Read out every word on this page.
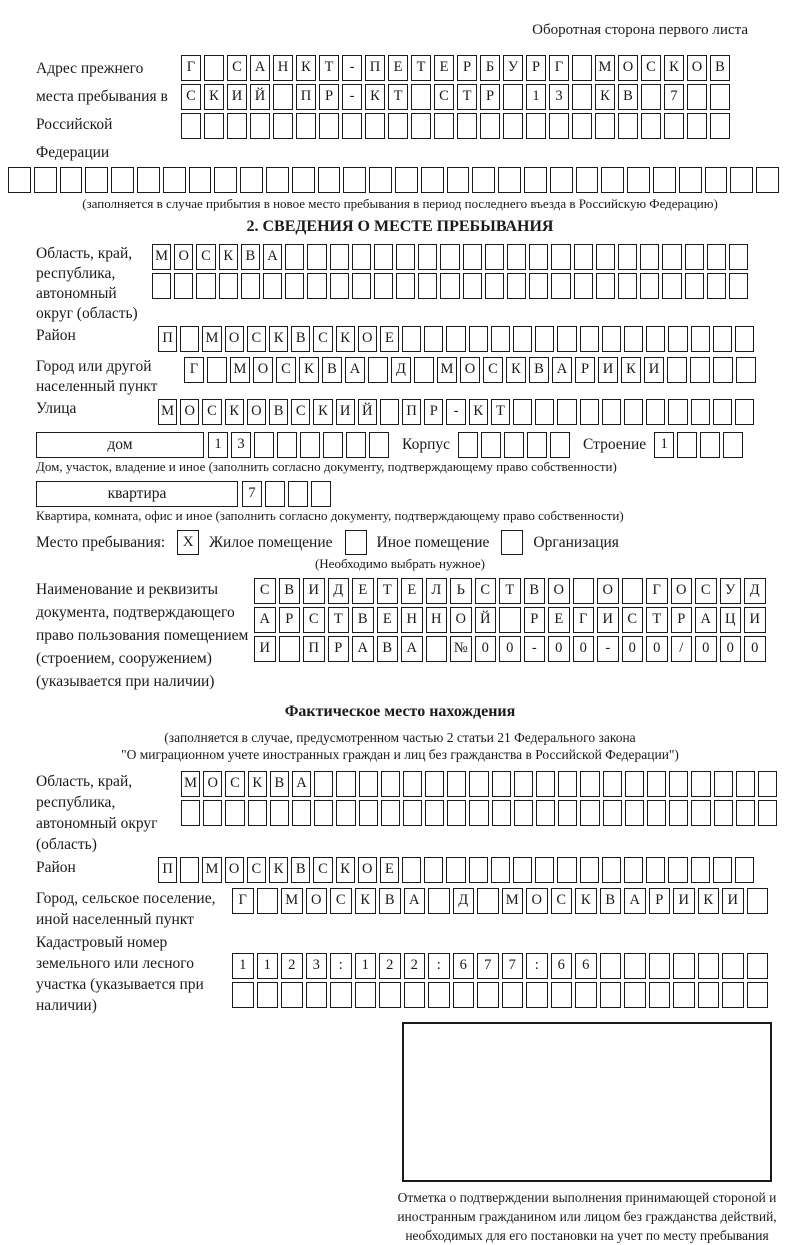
Оборотная сторона первого листа
Адрес прежнего места пребывания в Российской Федерации
Г	С А Н К Т - П Е Т Е Р Б У Р Г М О С К О В
С К И Й П Р - К Т	С Т Р	1 3	К В	7
(заполняется в случае прибытия в новое место пребывания в период последнего въезда в Российскую Федерацию)
2. СВЕДЕНИЯ О МЕСТЕ ПРЕБЫВАНИЯ
Область, край, республика, автономный округ (область)
М О С К В А
Район	П М О С К В С К О Е
Город или другой населенный пункт
Г М О С К В А Д М О С К В А Р И К И
Улица	М О С К О В С К И Й П Р - К Т
дом	1 3	Корпус	Строение 1
Дом, участок, владение и иное (заполнить согласно документу, подтверждающему право собственности)
квартира	7
Квартира, комната, офис и иное (заполнить согласно документу, подтверждающему право собственности)
Место пребывания:	X	Жилое помещение	Иное помещение	Организация
(Необходимо выбрать нужное)
Наименование и реквизиты документа, подтверждающего право пользования помещением (строением, сооружением) (указывается при наличии)
С В И Д Е Т Е Л Ь С Т В О	О	Г О С У Д
А Р С Т В Е Н Н О Й	Р Е Г И С Т Р А Ц И
И	П Р А В А	№ 0 0 - 0 0 - 0 0 / 0 0 0
Фактическое место нахождения
(заполняется в случае, предусмотренном частью 2 статьи 21 Федерального закона
"О миграционном учете иностранных граждан и лиц без гражданства в Российской Федерации")
Область, край, республика, автономный округ (область)
М О С К В А
Район	П М О С К В С К О Е
Город, сельское поселение, иной населенный пункт
Г	М О С К В А	Д	М О С К В А Р И К И
Кадастровый номер земельного или лесного участка (указывается при наличии)
1 1 2 3 : 1 2 2 : 6 7 7 : 6 6
Отметка о подтверждении выполнения принимающей стороной и иностранным гражданином или лицом без гражданства действий, необходимых для его постановки на учет по месту пребывания
